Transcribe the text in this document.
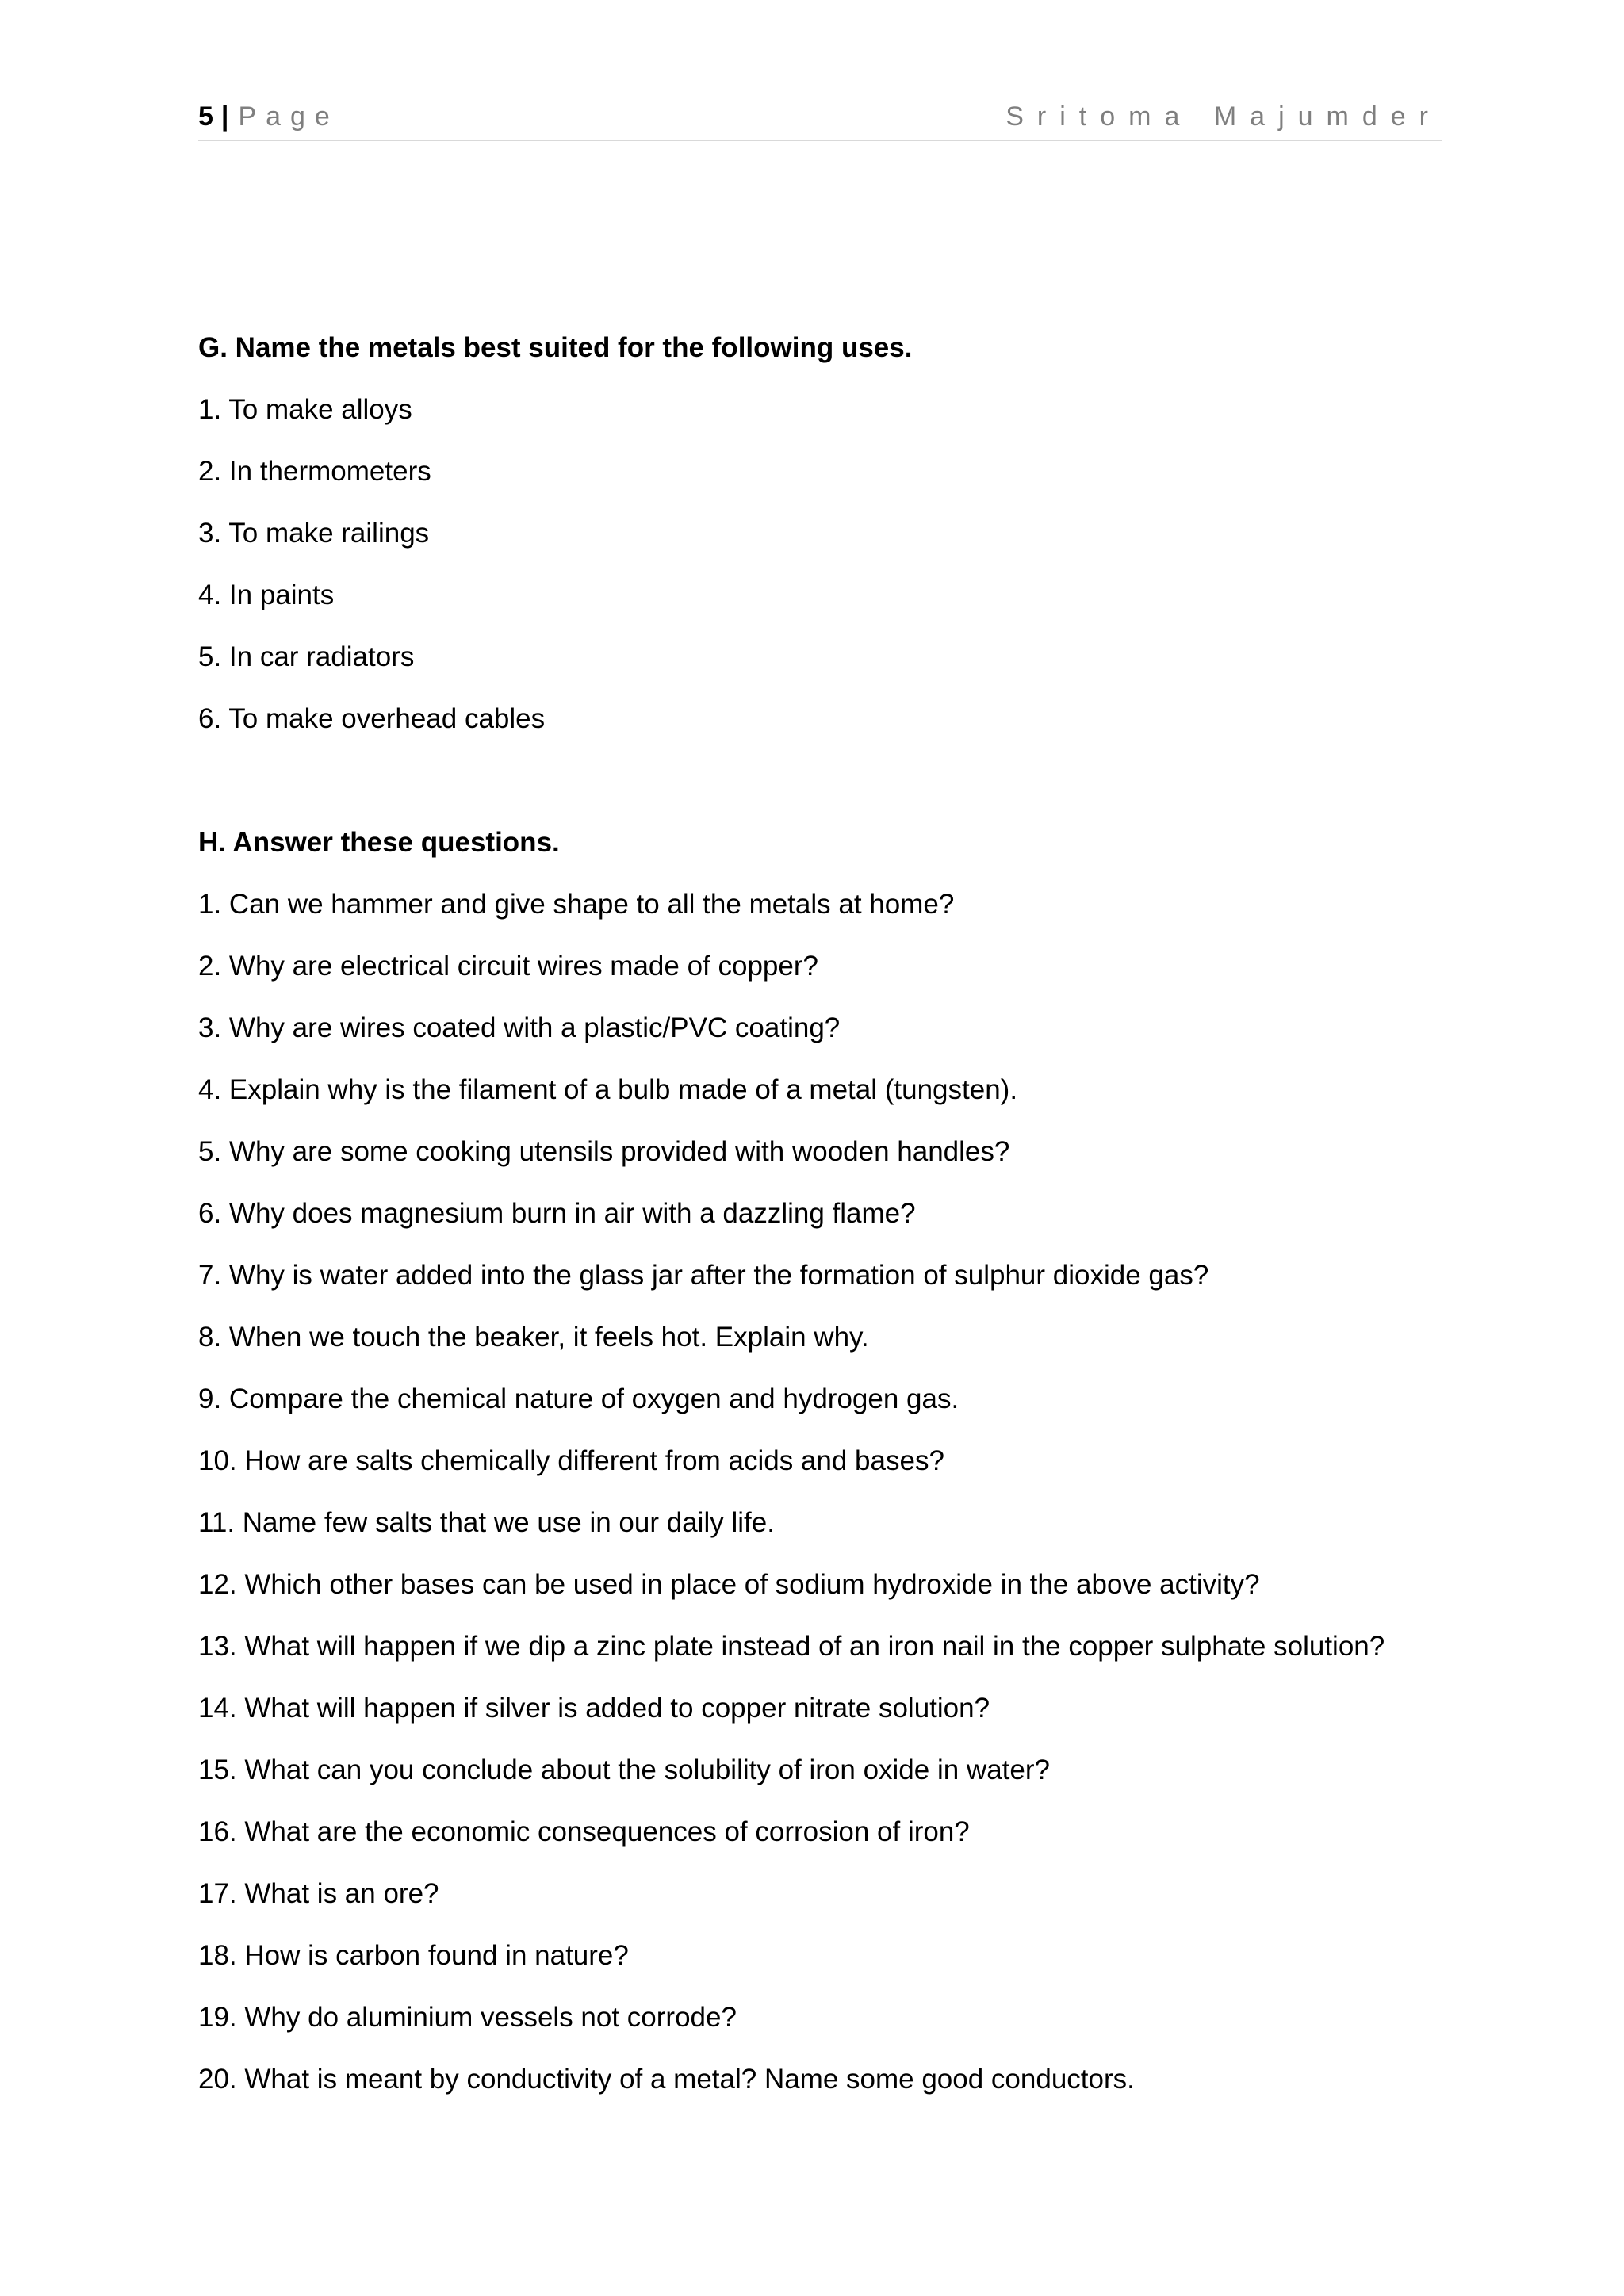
5 | Page	Sritoma Majumder
G. Name the metals best suited for the following uses.
1. To make alloys
2. In thermometers
3. To make railings
4. In paints
5. In car radiators
6. To make overhead cables
H. Answer these questions.
1. Can we hammer and give shape to all the metals at home?
2. Why are electrical circuit wires made of copper?
3. Why are wires coated with a plastic/PVC coating?
4. Explain why is the filament of a bulb made of a metal (tungsten).
5. Why are some cooking utensils provided with wooden handles?
6. Why does magnesium burn in air with a dazzling flame?
7. Why is water added into the glass jar after the formation of sulphur dioxide gas?
8. When we touch the beaker, it feels hot. Explain why.
9. Compare the chemical nature of oxygen and hydrogen gas.
10. How are salts chemically different from acids and bases?
11. Name few salts that we use in our daily life.
12. Which other bases can be used in place of sodium hydroxide in the above activity?
13. What will happen if we dip a zinc plate instead of an iron nail in the copper sulphate solution?
14. What will happen if silver is added to copper nitrate solution?
15. What can you conclude about the solubility of iron oxide in water?
16. What are the economic consequences of corrosion of iron?
17. What is an ore?
18. How is carbon found in nature?
19. Why do aluminium vessels not corrode?
20. What is meant by conductivity of a metal? Name some good conductors.
